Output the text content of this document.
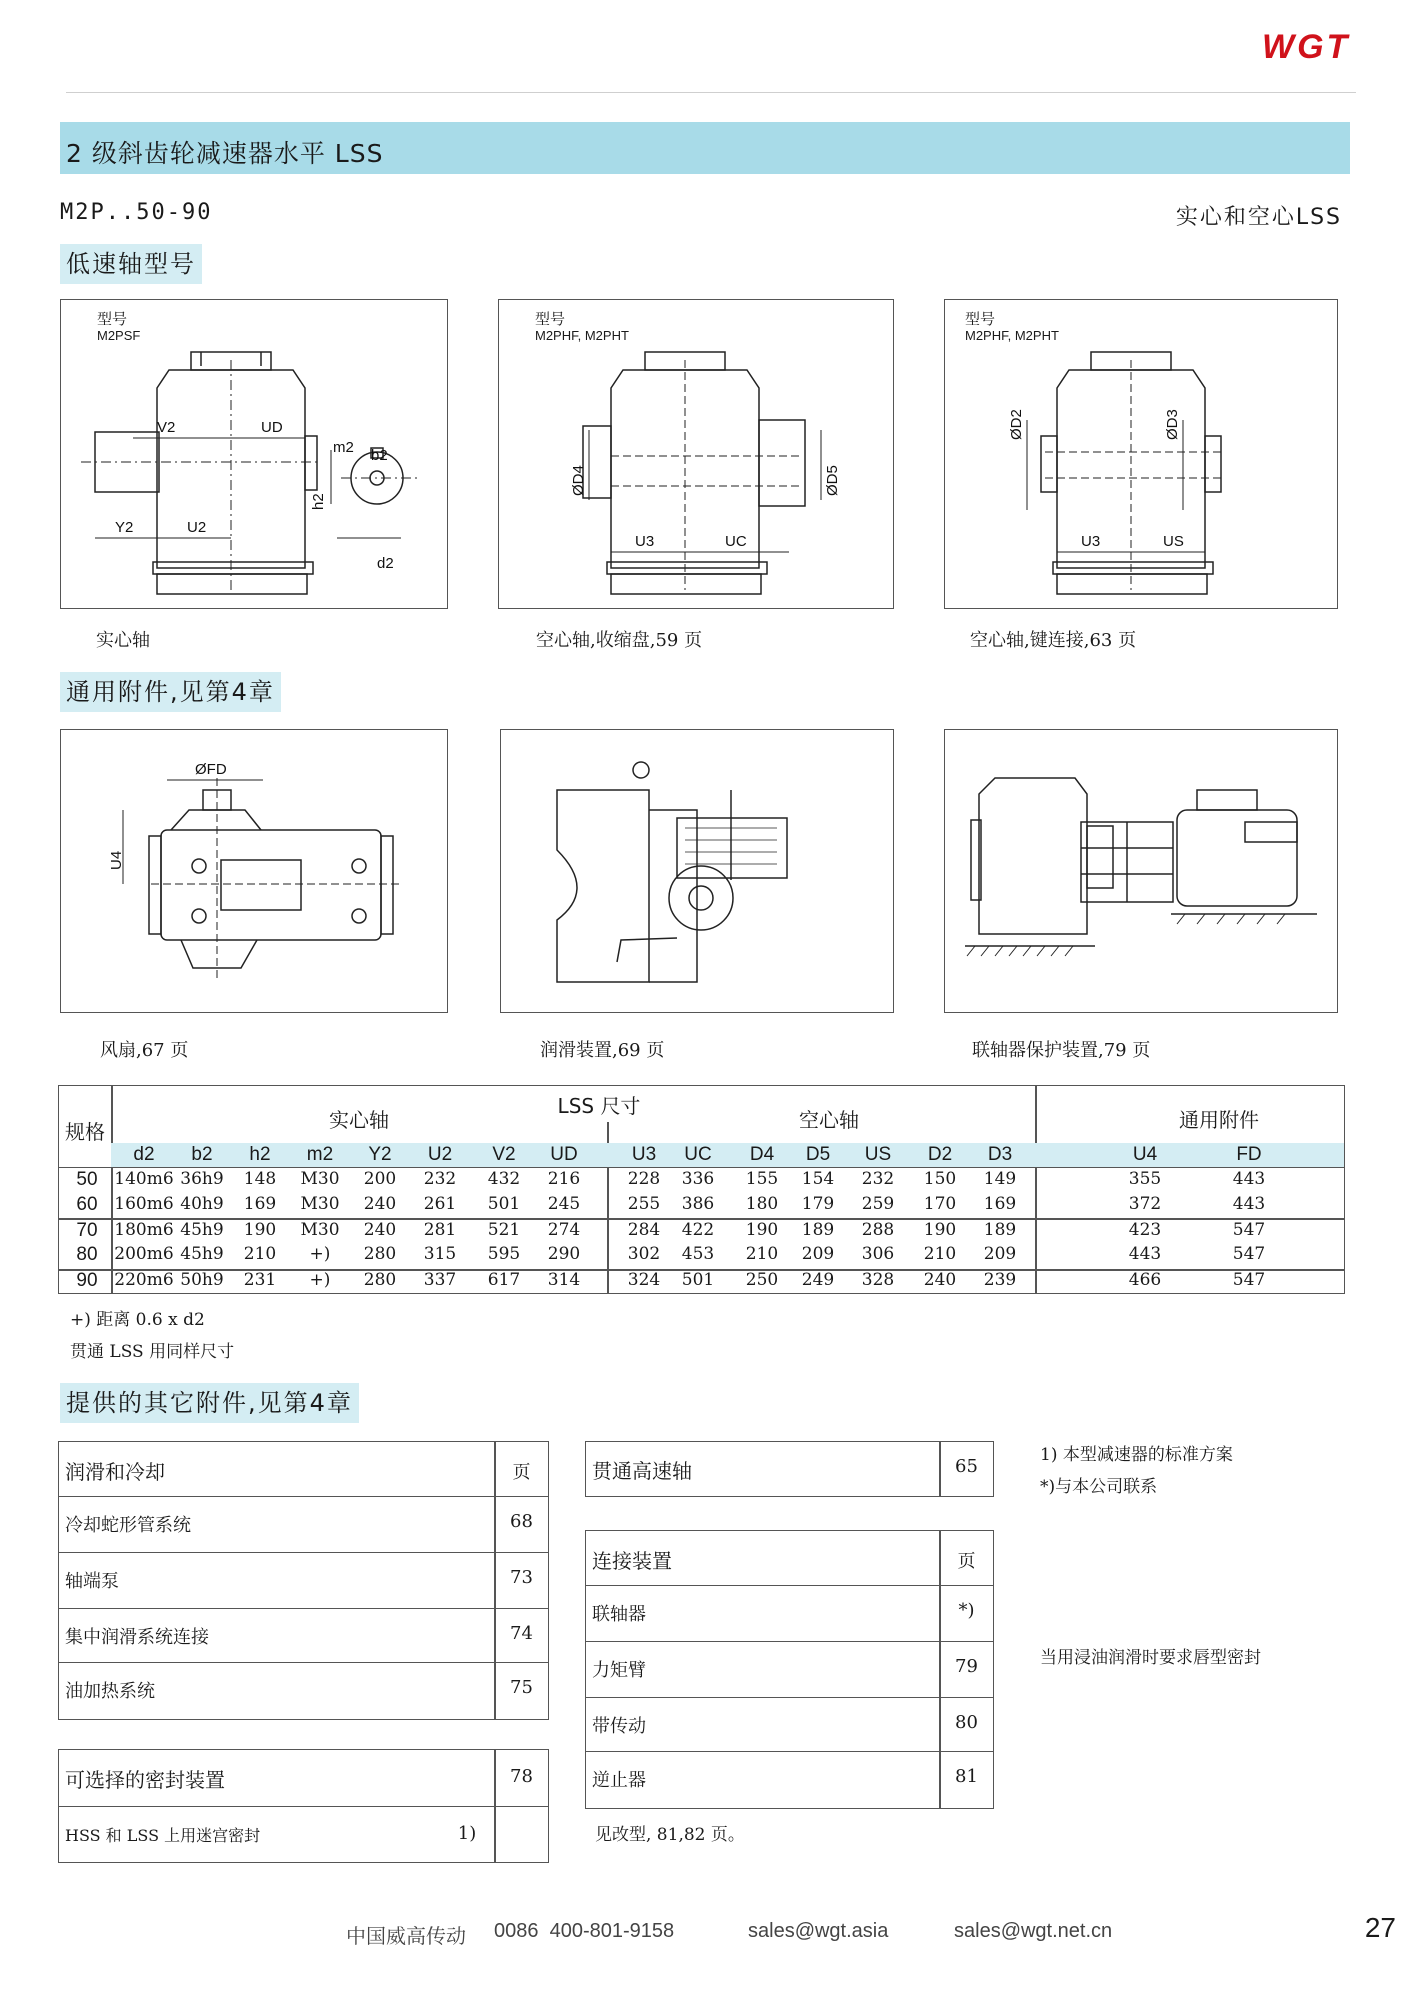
WGT
2 级斜齿轮减速器水平 LSS
M2P..50-90	实心和空心LSS
低速轴型号
型号
M2PSF
V2	UD
m2 b2
h2
Y2	U2
d2
实心轴
型号
M2PHF, M2PHT
ØD4	ØD5
U3	UC
空心轴,收缩盘,59 页
型号
M2PHF, M2PHT
ØD2	ØD3
U3	US
空心轴,键连接,63 页
通用附件,见第4章
ØFD
U4
风扇,67 页	润滑装置,69 页	联轴器保护装置,79 页
规格
LSS 尺寸
实心轴	空心轴	通用附件
d2	b2	h2	m2	Y2	U2	V2	UD	U3	UC	D4	D5	US	D2	D3	U4	FD
50 140m6 36h9	148	M30	200	232	432	216	228	336	155	154	232	150	149	355	443
60 160m6 40h9	169	M30	240	261	501	245	255	386	180	179	259	170	169	372	443
70 180m6 45h9	190	M30	240	281	521	274	284	422	190	189	288	190	189	423	547
80 200m6 45h9	210	+)	280	315	595	290	302	453	210	209	306	210	209	443	547
90 220m6 50h9	231	+)	280	337	617	314	324	501	250	249	328	240	239	466	547
+) 距离 0.6 x d2
贯通 LSS 用同样尺寸
提供的其它附件,见第4章
润滑和冷却	页
冷却蛇形管系统	68
轴端泵	73
集中润滑系统连接	74
油加热系统	75
可选择的密封装置	78
HSS 和 LSS 上用迷宫密封	1)
贯通高速轴	65
连接装置	页
联轴器	*)
力矩臂	79
带传动	80
逆止器	81
见改型, 81,82 页。
1) 本型减速器的标准方案
*)与本公司联系
当用浸油润滑时要求唇型密封
中国威高传动 0086  400-801-9158	sales@wgt.asia	sales@wgt.net.cn	27
